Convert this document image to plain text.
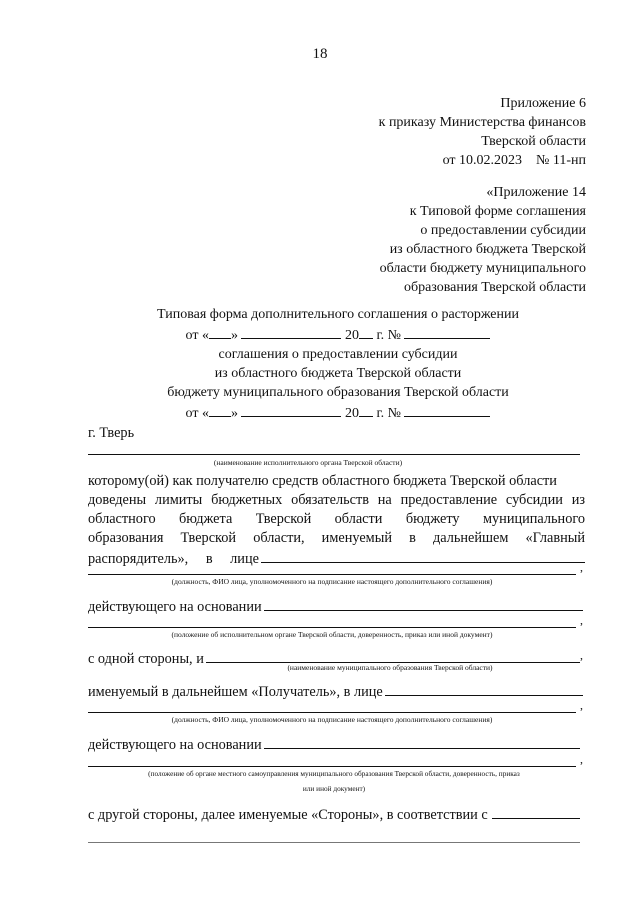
18
Приложение 6
к приказу Министерства финансов
Тверской области
от 10.02.2023    № 11-нп
«Приложение 14
к Типовой форме соглашения
о предоставлении субсидии
из областного бюджета Тверской
области бюджету муниципального
образования Тверской области
Типовая форма дополнительного соглашения о расторжении
от « »	20 г. №
соглашения о предоставлении субсидии
из областного бюджета Тверской области
бюджету муниципального образования Тверской области
от « »	20 г. №
г. Тверь
(наименование исполнительного органа Тверской области)
которому(ой) как получателю средств областного бюджета Тверской области
доведены лимиты бюджетных обязательств на предоставление субсидии из
областного бюджета Тверской области бюджету муниципального
образования Тверской области, именуемый в дальнейшем «Главный
распорядитель», в лице	,
(должность, ФИО лица, уполномоченного на подписание настоящего дополнительного соглашения)
действующего на основании
,
(положение об исполнительном органе Тверской области, доверенность, приказ или иной документ)
с одной стороны, и	,
(наименование муниципального образования Тверской области)
именуемый в дальнейшем «Получатель», в лице
,
(должность, ФИО лица, уполномоченного на подписание настоящего дополнительного соглашения)
действующего на основании
,
(положение об органе местного самоуправления муниципального образования Тверской области, доверенность, приказ
или иной документ)
с другой стороны, далее именуемые «Стороны», в соответствии с
